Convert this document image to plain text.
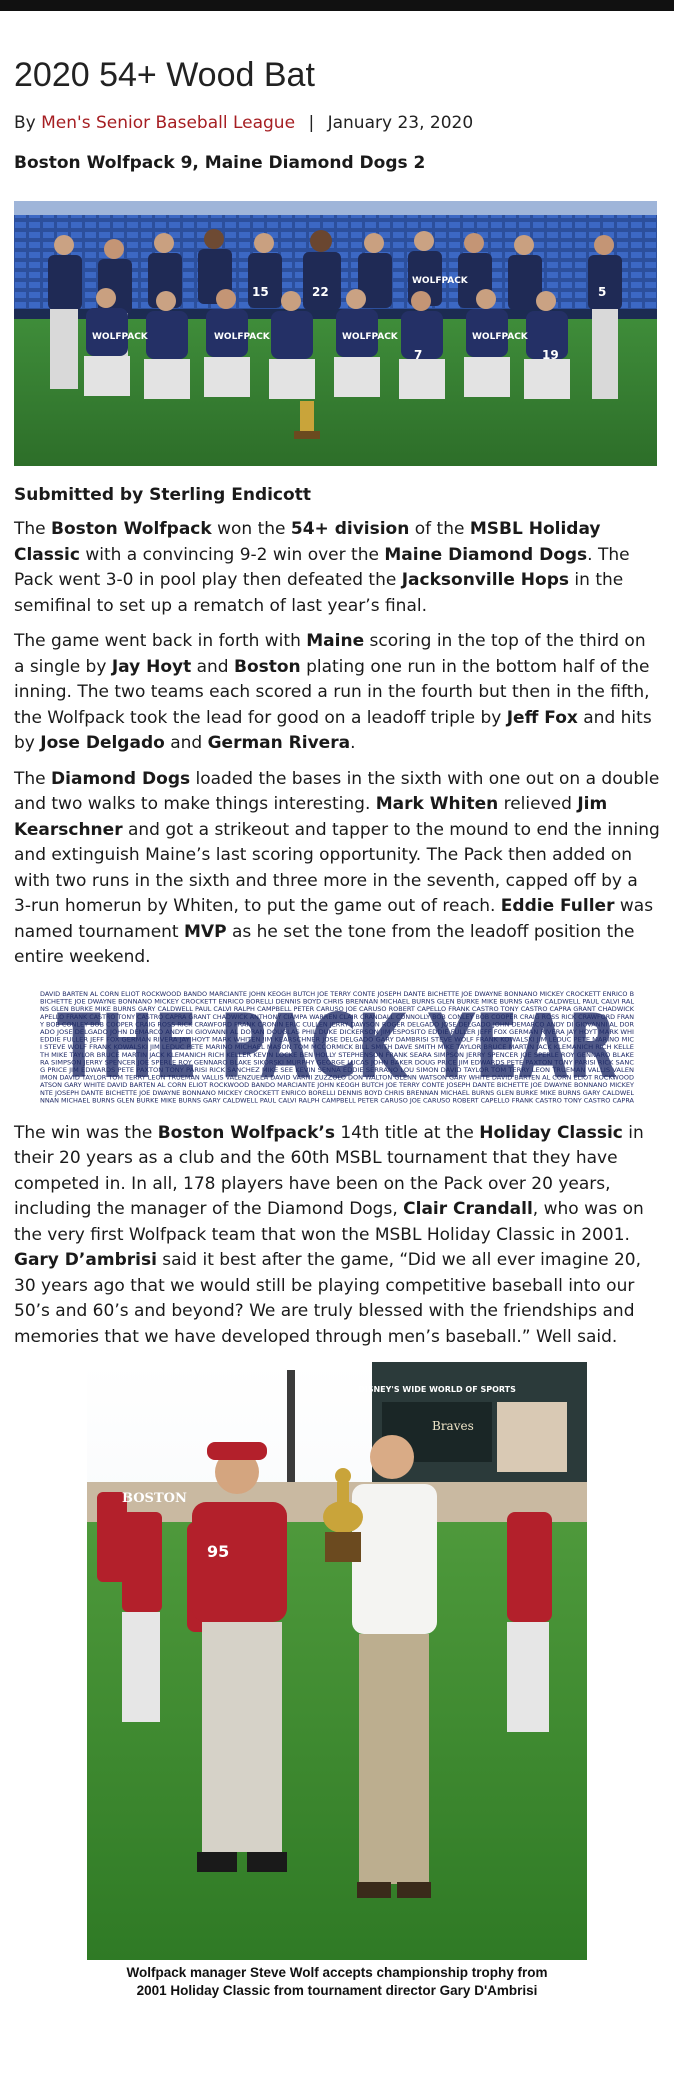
2020 54+ Wood Bat
By Men's Senior Baseball League | January 23, 2020
Boston Wolfpack 9, Maine Diamond Dogs 2
WOLFPACK	WOLFPACK	WOLFPACK	WOLFPACK
WOLFPACK
15	22	5
19
7
Submitted by Sterling Endicott

The Boston Wolfpack won the 54+ division of the MSBL Holiday Classic with a convincing 9-2 win over the Maine Diamond Dogs. The Pack went 3-0 in pool play then defeated the Jacksonville Hops in the semifinal to set up a rematch of last year’s final.

The game went back in forth with Maine scoring in the top of the third on a single by Jay Hoyt and Boston plating one run in the bottom half of the inning. The two teams each scored a run in the fourth but then in the fifth, the Wolfpack took the lead for good on a leadoff triple by Jeff Fox and hits by Jose Delgado and German Rivera.

The Diamond Dogs loaded the bases in the sixth with one out on a double and two walks to make things interesting. Mark Whiten relieved Jim Kearschner and got a strikeout and tapper to the mound to end the inning and extinguish Maine’s last scoring opportunity. The Pack then added on with two runs in the sixth and three more in the seventh, capped off by a 3-run homerun by Whiten, to put the game out of reach. Eddie Fuller was named tournament MVP as he set the tone from the leadoff position the entire weekend.

DAVID BARTEN AL CORN ELIOT ROCKWOOD BANDO MARCIANTE JOHN KEOGH BUTCH JOE TERRY CONTE JOSEPH DANTE BICHETTE JOE DWAYNE BONNANO MICKEY CROCKETT ENRICO B
BICHETTE JOE DWAYNE BONNANO MICKEY CROCKETT ENRICO BORELLI DENNIS BOYD CHRIS BRENNAN MICHAEL BURNS GLEN BURKE MIKE BURNS GARY CALDWELL PAUL CALVI RAL
NS GLEN BURKE MIKE BURNS GARY CALDWELL PAUL CALVI RALPH CAMPBELL PETER CARUSO JOE CARUSO ROBERT CAPELLO FRANK CASTRO TONY CASTRO CAPRA GRANT CHADWICK
APELLO FRANK CASTRO TONY CASTRO CAPRA GRANT CHADWICK ANTHONY CIAMPA WARREN CLAIR CRANDALL CONNOLLY BOB CONLEY BOB COOPER CRAIG ROSS RICK CRAWFORD FRAN
Y BOB CONLEY BOB COOPER CRAIG ROSS RICK CRAWFORD FRANK CRONIN ERIC CULLEN JERRY DAWSON ROGER DELGADO JOSE DELGADO JOHN DEMARCO ANDY DI GIOVANNI AL DOR
ADO JOSE DELGADO JOHN DEMARCO ANDY DI GIOVANNI AL DORAN DOUGLAS PHIL DUKE DICKERSON JIM ESPOSITO EDDIE FULLER JEFF FOX GERMAN RIVERA JAY HOYT MARK WHI
EDDIE FULLER JEFF FOX GERMAN RIVERA JAY HOYT MARK WHITEN JIM KEARSCHNER JOSE DELGADO GARY DAMBRISI STEVE WOLF FRANK KOWALSKI JIM LEDUC PETE MARINO MIC
I STEVE WOLF FRANK KOWALSKI JIM LEDUC PETE MARINO MICHAEL MASON TOM MCCORMICK BILL SMITH DAVE SMITH MIKE TAYLOR BRUCE MARTIN JACK KLEMANICH RICH KELLE
TH MIKE TAYLOR BRUCE MARTIN JACK KLEMANICH RICH KELLER KEVIN LOCKE BEN HOLLY STEPHENSON FRANK SEARA SIMPSON JERRY SPENCER JOE SPERLE ROY GENNARO BLAKE
RA SIMPSON JERRY SPENCER JOE SPERLE ROY GENNARO BLAKE SIKORSKI MURPHY GEORGE LUCAS JOHN BAKER DOUG PRICE JIM EDWARDS PETE PAXTON TONY PARISI RICK SANC
G PRICE JIM EDWARDS PETE PAXTON TONY PARISI RICK SANCHEZ MIKE SEE KEVIN SENNA EDDIE SERRANO LOU SIMON DAVID TAYLOR TOM TERRY LEON TRUEMAN VALLIS VALEN
IMON DAVID TAYLOR TOM TERRY LEON TRUEMAN VALLIS VALENZUELA DAVID VARNI ZUZZOLO DON WALTON GLENN WATSON GARY WHITE DAVID BARTEN AL CORN ELIOT ROCKWOOD
ATSON GARY WHITE DAVID BARTEN AL CORN ELIOT ROCKWOOD BANDO MARCIANTE JOHN KEOGH BUTCH JOE TERRY CONTE JOSEPH DANTE BICHETTE JOE DWAYNE BONNANO MICKEY
NTE JOSEPH DANTE BICHETTE JOE DWAYNE BONNANO MICKEY CROCKETT ENRICO BORELLI DENNIS BOYD CHRIS BRENNAN MICHAEL BURNS GLEN BURKE MIKE BURNS GARY CALDWEL
NNAN MICHAEL BURNS GLEN BURKE MIKE BURNS GARY CALDWELL PAUL CALVI RALPH CAMPBELL PETER CARUSO JOE CARUSO ROBERT CAPELLO FRANK CASTRO TONY CASTRO CAPRA
THE PACK YEAR

The win was the Boston Wolfpack’s 14th title at the Holiday Classic in their 20 years as a club and the 60th MSBL tournament that they have competed in. In all, 178 players have been on the Pack over 20 years, including the manager of the Diamond Dogs, Clair Crandall, who was on the very first Wolfpack team that won the MSBL Holiday Classic in 2001. Gary D’ambrisi said it best after the game, “Did we all ever imagine 20, 30 years ago that we would still be playing competitive baseball into our 50’s and 60’s and beyond? We are truly blessed with the friendships and memories that we have developed through men’s baseball.” Well said.

DISNEY'S WIDE WORLD OF SPORTS
Braves
95
BOSTON
Wolfpack manager Steve Wolf accepts championship trophy from
2001 Holiday Classic from tournament director Gary D'Ambrisi
